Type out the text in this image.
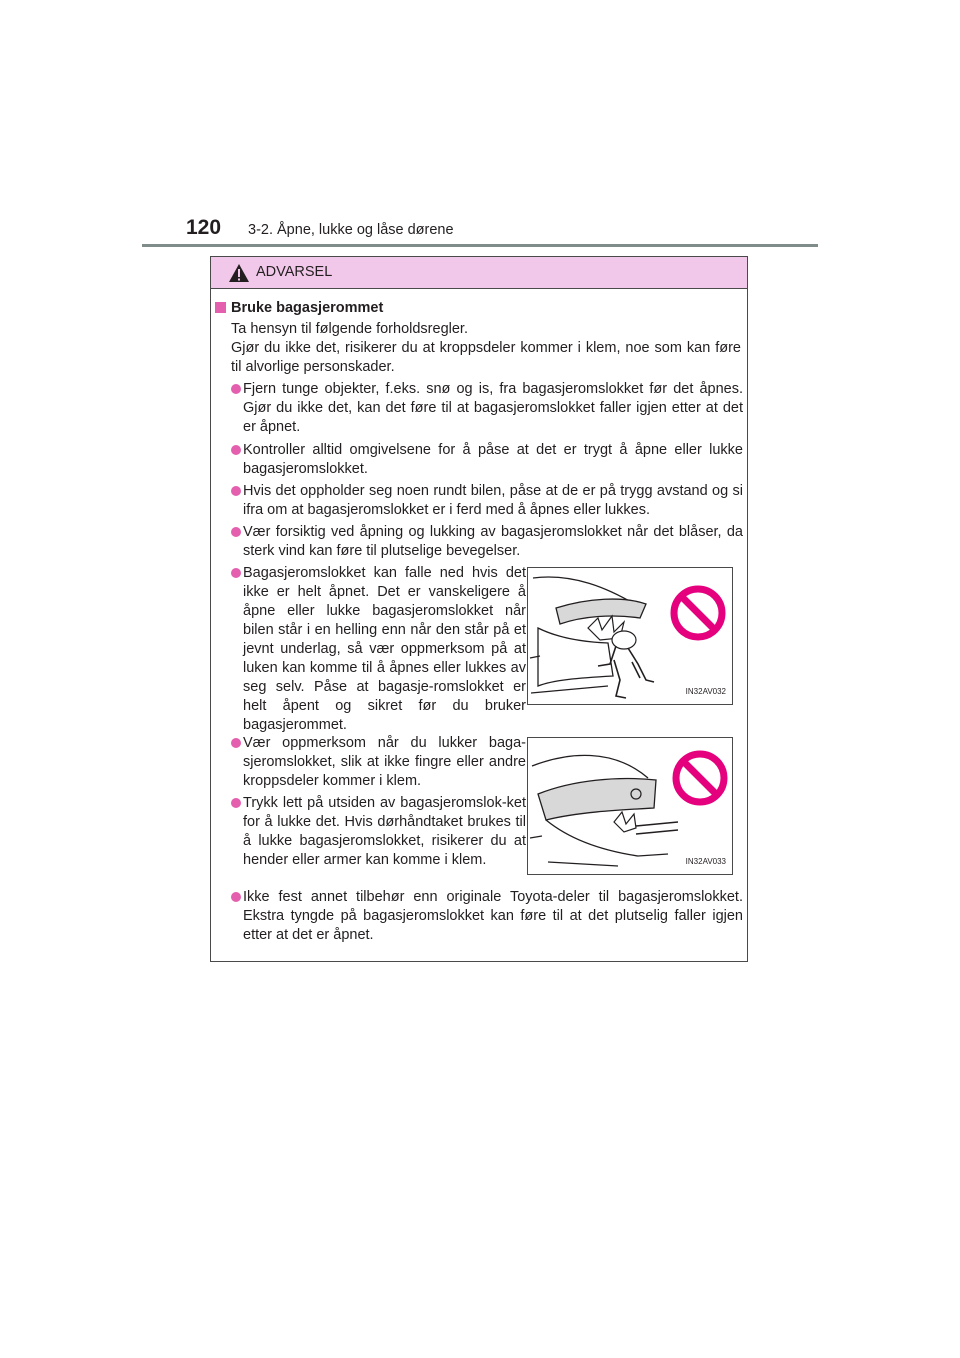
120 3-2. Åpne, lukke og låse dørene
ADVARSEL
Bruke bagasjerommet
Ta hensyn til følgende forholdsregler.
Gjør du ikke det, risikerer du at kroppsdeler kommer i klem, noe som kan føre til alvorlige personskader.
Fjern tunge objekter, f.eks. snø og is, fra bagasjeromslokket før det åpnes. Gjør du ikke det, kan det føre til at bagasjeromslokket faller igjen etter at det er åpnet.
Kontroller alltid omgivelsene for å påse at det er trygt å åpne eller lukke bagasjeromslokket.
Hvis det oppholder seg noen rundt bilen, påse at de er på trygg avstand og si ifra om at bagasjeromslokket er i ferd med å åpnes eller lukkes.
Vær forsiktig ved åpning og lukking av bagasjeromslokket når det blåser, da sterk vind kan føre til plutselige bevegelser.
Bagasjeromslokket kan falle ned hvis det ikke er helt åpnet. Det er vanskeligere å åpne eller lukke bagasjeromslokket når bilen står i en helling enn når den står på et jevnt underlag, så vær oppmerksom på at luken kan komme til å åpnes eller lukkes av seg selv. Påse at bagasje-romslokket er helt åpent og sikret før du bruker bagasjerommet.
IN32AV032
Vær oppmerksom når du lukker baga-sjeromslokket, slik at ikke fingre eller andre kroppsdeler kommer i klem.
Trykk lett på utsiden av bagasjeromslok-ket for å lukke det. Hvis dørhåndtaket brukes til å lukke bagasjeromslokket, risikerer du at hender eller armer kan komme i klem.	IN32AV033
Ikke fest annet tilbehør enn originale Toyota-deler til bagasjeromslokket. Ekstra tyngde på bagasjeromslokket kan føre til at det plutselig faller igjen etter at det er åpnet.
